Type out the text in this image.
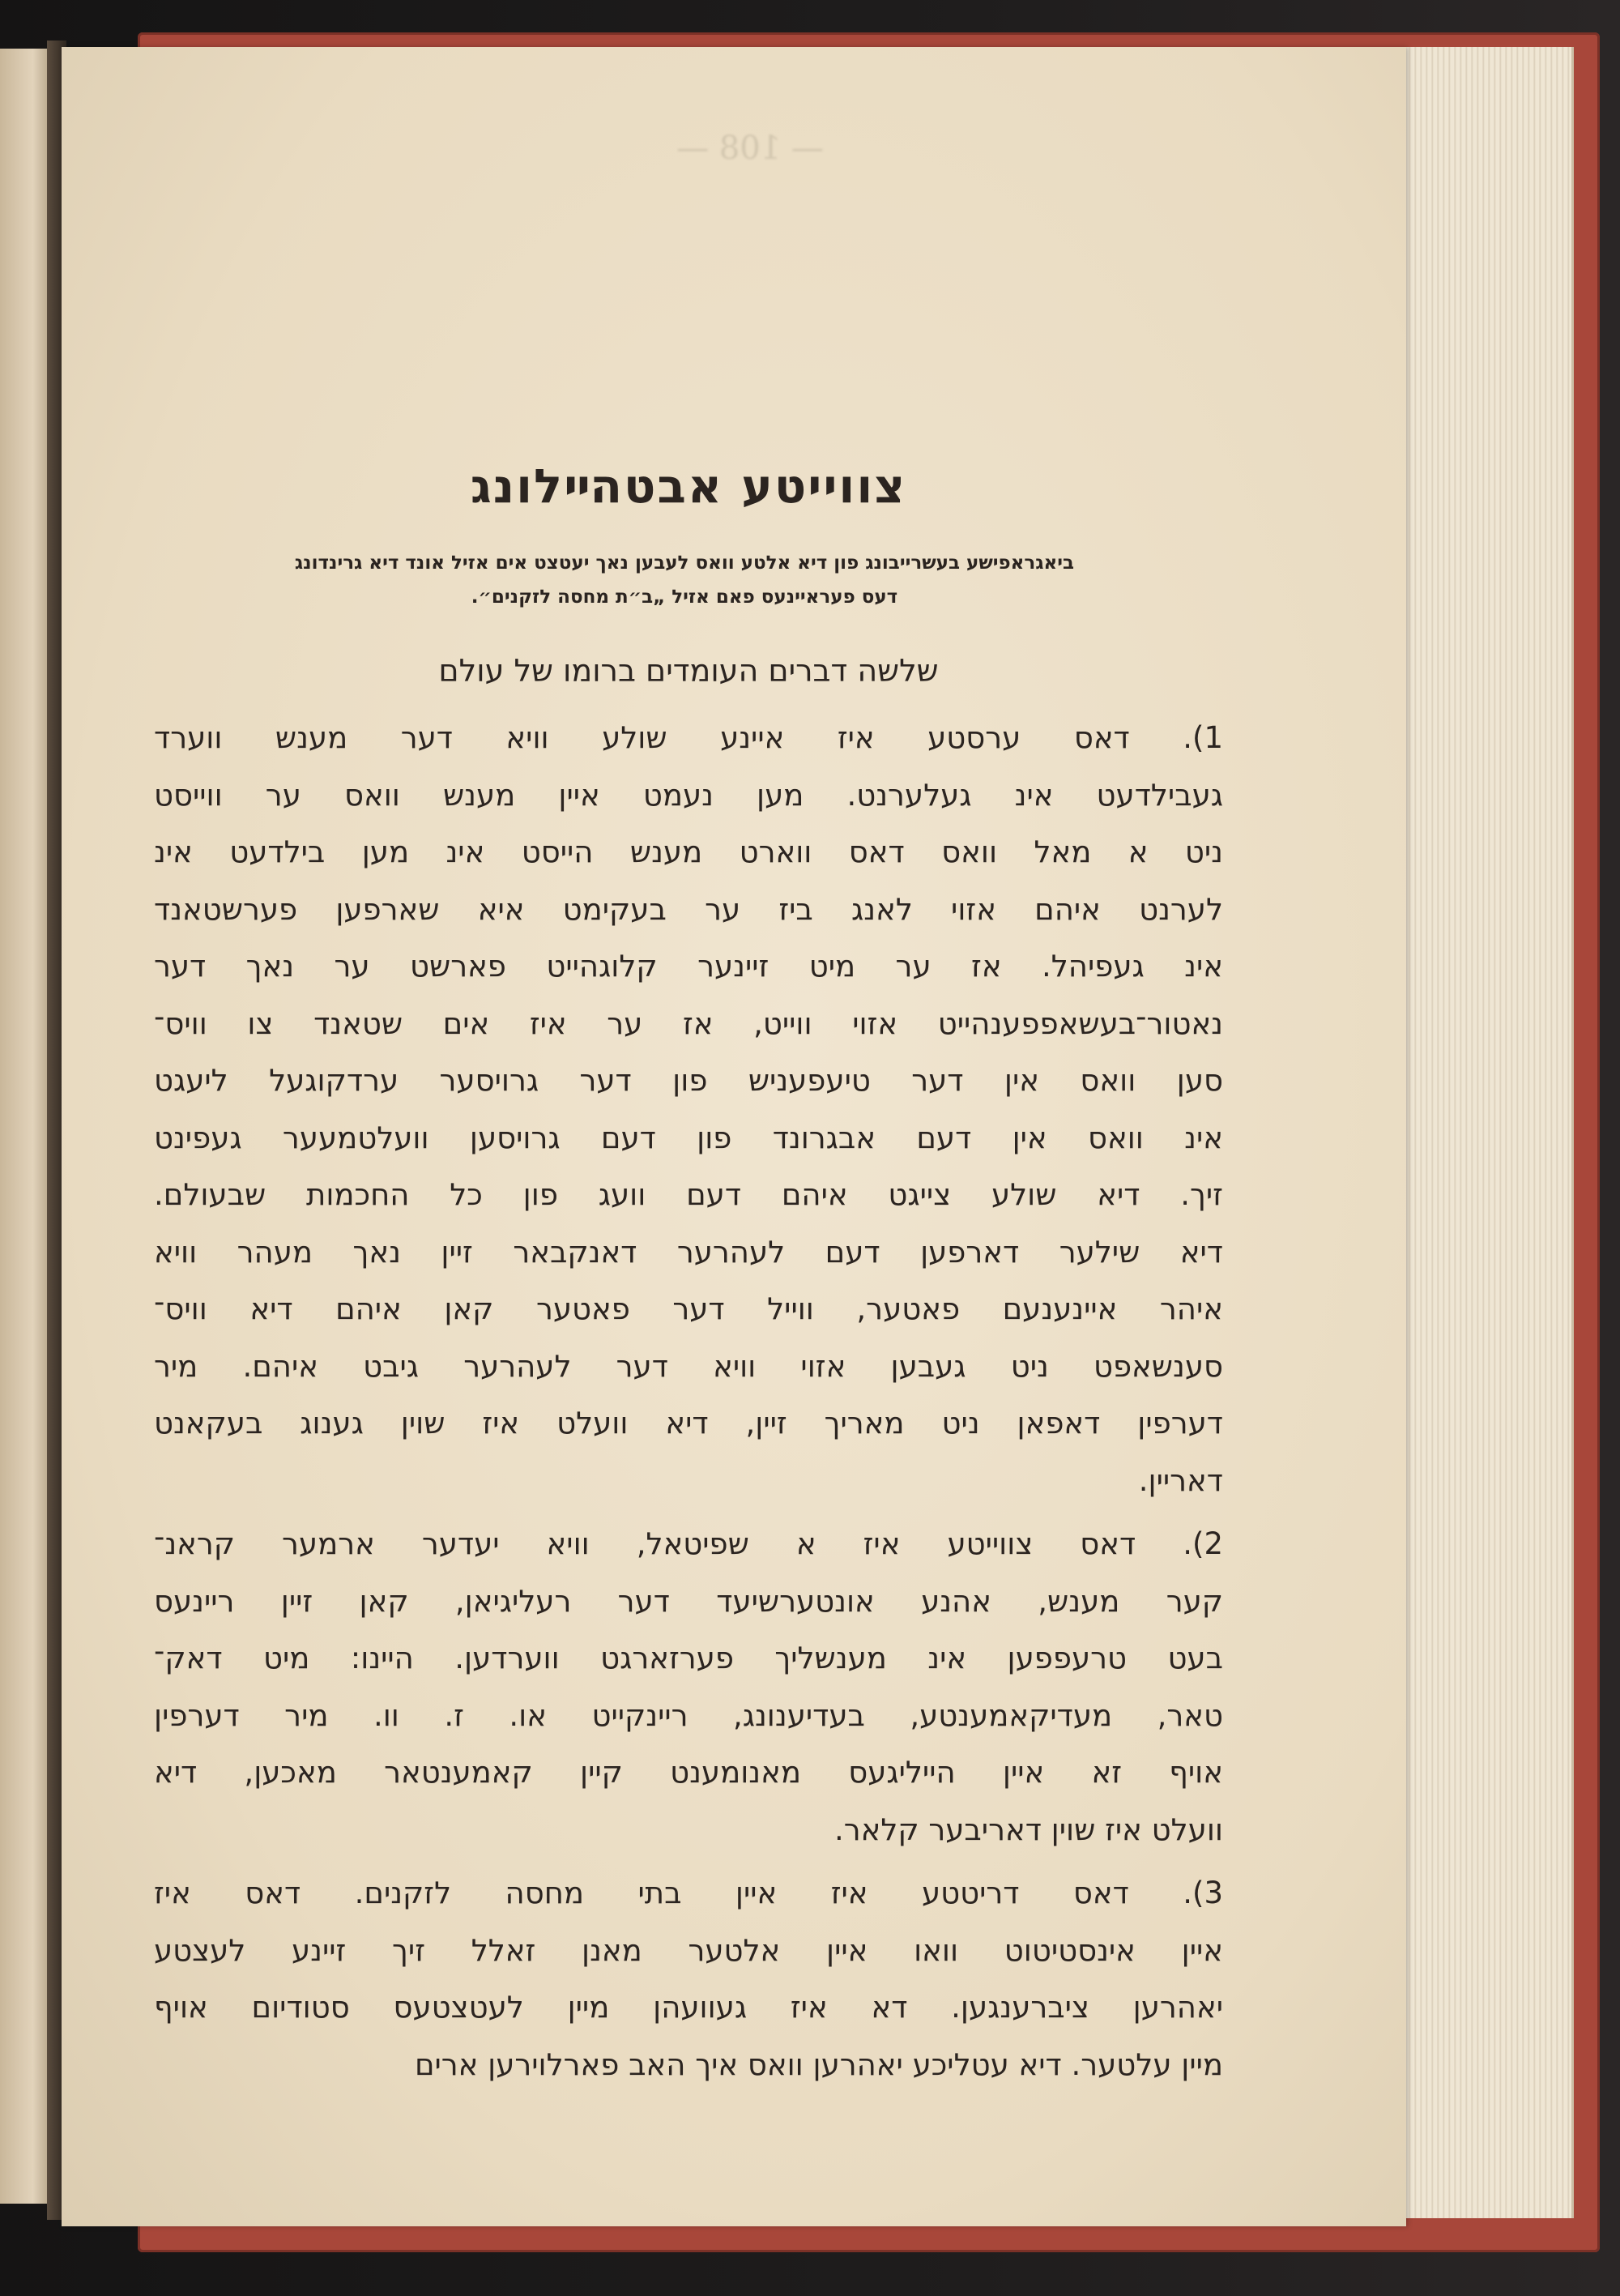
— 108 —
צווייטע אבטהײלונג
ביאגראפישע בעשרייבונג פון דיא אלטע וואס לעבען נאך יעטצט אים אזיל אונד דיא גרינדונג
דעס פעראיינעס פאם אזיל „ב״ת מחסה לזקנים״.
שלשה דברים העומדים ברומו של עולם
1). דאס ערסטע איז איינע שולע וויא דער מענש ווערד
געבילדעט אינ געלערנט. מען נעמט איין מענש וואס ער ווייסט
ניט א מאל וואס דאס ווארט מענש הייסט אינ מען בילדעט אינ
לערנט איהם אזוי לאנג ביז ער בעקימט איא שארפען פערשטאנד
אינ געפיהל. אז ער מיט זיינער קלוגהייט פארשט ער נאך דער
נאטור־בעשאפפענהייט אזוי ווייט, אז ער איז אים שטאנד צו וויס־
סען וואס אין דער טיעפעניש פון דער גרויסער ערדקוגעל ליעגט
אינ וואס אין דעם אבגרונד פון דעם גרויסען וועלטמעער געפינט
זיך. דיא שולע צייגט איהם דעם וועג פון כל החכמות שבעולם.
דיא שילער דארפען דעם לעהרער דאנקבאר זיין נאך מעהר וויא
איהר איינענעם פאטער, ווייל דער פאטער קאן איהם דיא וויס־
סענשאפט ניט געבען אזוי וויא דער לעהרער גיבט איהם. מיר
דערפין דאפאן ניט מאריך זיין, דיא וועלט איז שוין גענוג בעקאנט
דאריין.
2). דאס צווייטע איז א שפיטאל, וויא יעדער ארמער קראנ־
קער מענש, אהנע אונטערשיעד דער רעליגיאן, קאן זיין ריינעס
בעט טרעפפען אינ מענשליך פערזארגט ווערדען. היינו: מיט דאק־
טאר, מעדיקאמענטע, בעדיענונג, ריינקייט או. ז. וו. מיר דערפין
אויף זא איין הייליגעס מאנומענט קיין קאמענטאר מאכען, דיא
וועלט איז שוין דאריבער קלאר.
3). דאס דריטטע איז איין בתי מחסה לזקנים. דאס איז
איין אינסטיטוט וואו איין אלטער מאנן זאלל זיך זיינע לעצטע
יאהרען ציברענגען. דא איז געוועהן מיין לעטצטעס סטודיום אויף
מיין עלטער. דיא עטליכע יאהרען וואס איך האב פארלוירען ארים
